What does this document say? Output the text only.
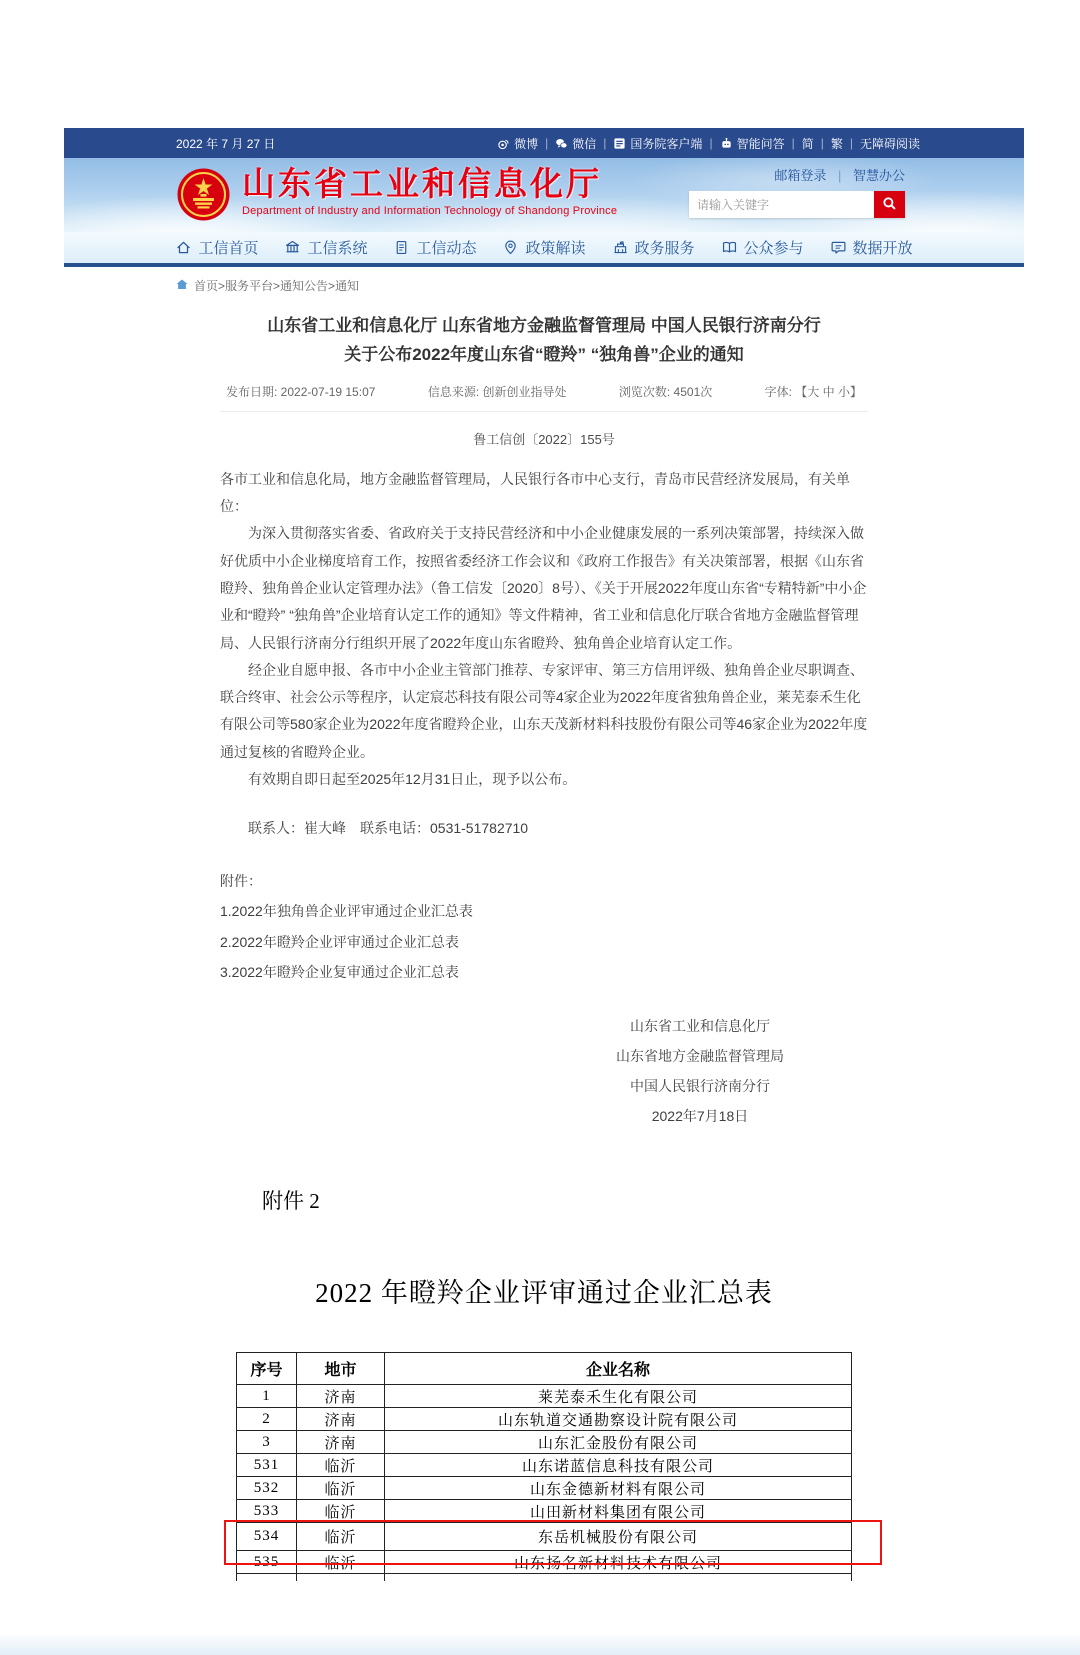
2022 年 7 月 27 日	微博 | 微信 | 国务院客户端 | 智能问答 | 简 | 繁 | 无障碍阅读
山东省工业和信息化厅
Department of Industry and Information Technology of Shandong Province
邮箱登录 | 智慧办公
请输入关键字
工信首页	工信系统	工信动态	政策解读	政务服务	公众参与	数据开放
首页>服务平台>通知公告>通知
山东省工业和信息化厅 山东省地方金融监督管理局 中国人民银行济南分行
关于公布2022年度山东省“瞪羚” “独角兽”企业的通知
发布日期: 2022-07-19 15:07	信息来源: 创新创业指导处	浏览次数: 4501次	字体: 【大 中 小】
鲁工信创〔2022〕155号

各市工业和信息化局，地方金融监督管理局，人民银行各市中心支行，青岛市民营经济发展局，有关单位：

为深入贯彻落实省委、省政府关于支持民营经济和中小企业健康发展的一系列决策部署，持续深入做好优质中小企业梯度培育工作，按照省委经济工作会议和《政府工作报告》有关决策部署，根据《山东省瞪羚、独角兽企业认定管理办法》（鲁工信发〔2020〕8号）、《关于开展2022年度山东省“专精特新”中小企业和“瞪羚” “独角兽”企业培育认定工作的通知》等文件精神，省工业和信息化厅联合省地方金融监督管理局、人民银行济南分行组织开展了2022年度山东省瞪羚、独角兽企业培育认定工作。

经企业自愿申报、各市中小企业主管部门推荐、专家评审、第三方信用评级、独角兽企业尽职调查、联合终审、社会公示等程序，认定宸芯科技有限公司等4家企业为2022年度省独角兽企业，莱芜泰禾生化有限公司等580家企业为2022年度省瞪羚企业，山东天茂新材料科技股份有限公司等46家企业为2022年度通过复核的省瞪羚企业。

有效期自即日起至2025年12月31日止，现予以公布。

联系人：崔大峰　联系电话：0531-51782710
附件：
1.2022年独角兽企业评审通过企业汇总表
2.2022年瞪羚企业评审通过企业汇总表
3.2022年瞪羚企业复审通过企业汇总表
山东省工业和信息化厅
山东省地方金融监督管理局
中国人民银行济南分行
2022年7月18日
附件 2
2022 年瞪羚企业评审通过企业汇总表
序号	地市	企业名称
1	济南	莱芜泰禾生化有限公司
2	济南	山东轨道交通勘察设计院有限公司
3	济南	山东汇金股份有限公司
531	临沂	山东诺蓝信息科技有限公司
532	临沂	山东金德新材料有限公司
533	临沂	山田新材料集团有限公司
534	临沂	东岳机械股份有限公司
535	临沂	山东扬名新材料技术有限公司
